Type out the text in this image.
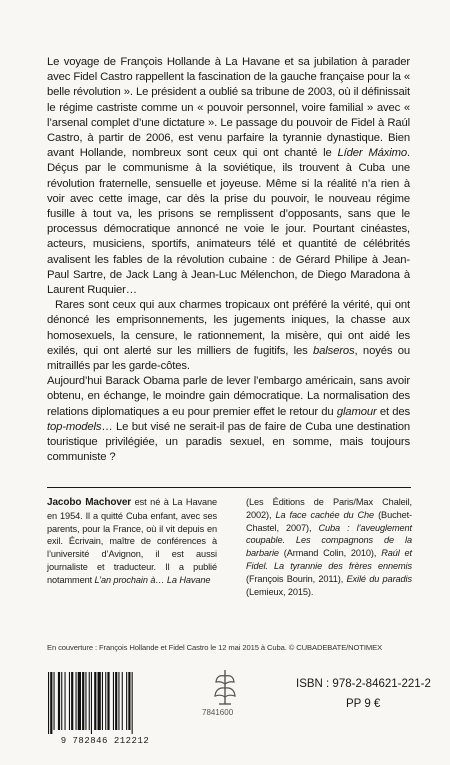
Le voyage de François Hollande à La Havane et sa jubilation à parader avec Fidel Castro rappellent la fascination de la gauche française pour la « belle révolution ». Le président a oublié sa tribune de 2003, où il définissait le régime castriste comme un « pouvoir personnel, voire familial » avec « l’arsenal complet d’une dictature ». Le passage du pouvoir de Fidel à Raúl Castro, à partir de 2006, est venu parfaire la tyrannie dynastique. Bien avant Hollande, nombreux sont ceux qui ont chanté le Líder Máximo. Déçus par le communisme à la soviétique, ils trouvent à Cuba une révolution fraternelle, sensuelle et joyeuse. Même si la réalité n’a rien à voir avec cette image, car dès la prise du pouvoir, le nouveau régime fusille à tout va, les prisons se remplissent d’opposants, sans que le processus démocratique annoncé ne voie le jour. Pourtant cinéastes, acteurs, musiciens, sportifs, animateurs télé et quantité de célébrités avalisent les fables de la révolution cubaine : de Gérard Philipe à Jean-Paul Sartre, de Jack Lang à Jean-Luc Mélenchon, de Diego Maradona à Laurent Ruquier…

Rares sont ceux qui aux charmes tropicaux ont préféré la vérité, qui ont dénoncé les emprisonnements, les jugements iniques, la chasse aux homosexuels, la censure, le rationnement, la misère, qui ont aidé les exilés, qui ont alerté sur les milliers de fugitifs, les balseros, noyés ou mitraillés par les garde-côtes.

Aujourd’hui Barack Obama parle de lever l’embargo américain, sans avoir obtenu, en échange, le moindre gain démocratique. La normalisation des relations diplomatiques a eu pour premier effet le retour du glamour et des top-models… Le but visé ne serait-il pas de faire de Cuba une destination touristique privilégiée, un paradis sexuel, en somme, mais toujours communiste ?

Jacobo Machover est né à La Havane en 1954. Il a quitté Cuba enfant, avec ses parents, pour la France, où il vit depuis en exil. Écrivain, maître de conférences à l’université d’Avignon, il est aussi journaliste et traducteur. Il a publié notamment L’an prochain à… La Havane

(Les Éditions de Paris/Max Chaleil, 2002), La face cachée du Che (Buchet-Chastel, 2007), Cuba : l’aveuglement coupable. Les compagnons de la barbarie (Armand Colin, 2010), Raúl et Fidel. La tyrannie des frères ennemis (François Bourin, 2011), Exilé du paradis (Lemieux, 2015).

En couverture : François Hollande et Fidel Castro le 12 mai 2015 à Cuba. © CUBADEBATE/NOTIMEX
9 782846 212212
7841600
ISBN : 978-2-84621-221-2
PP 9 €
